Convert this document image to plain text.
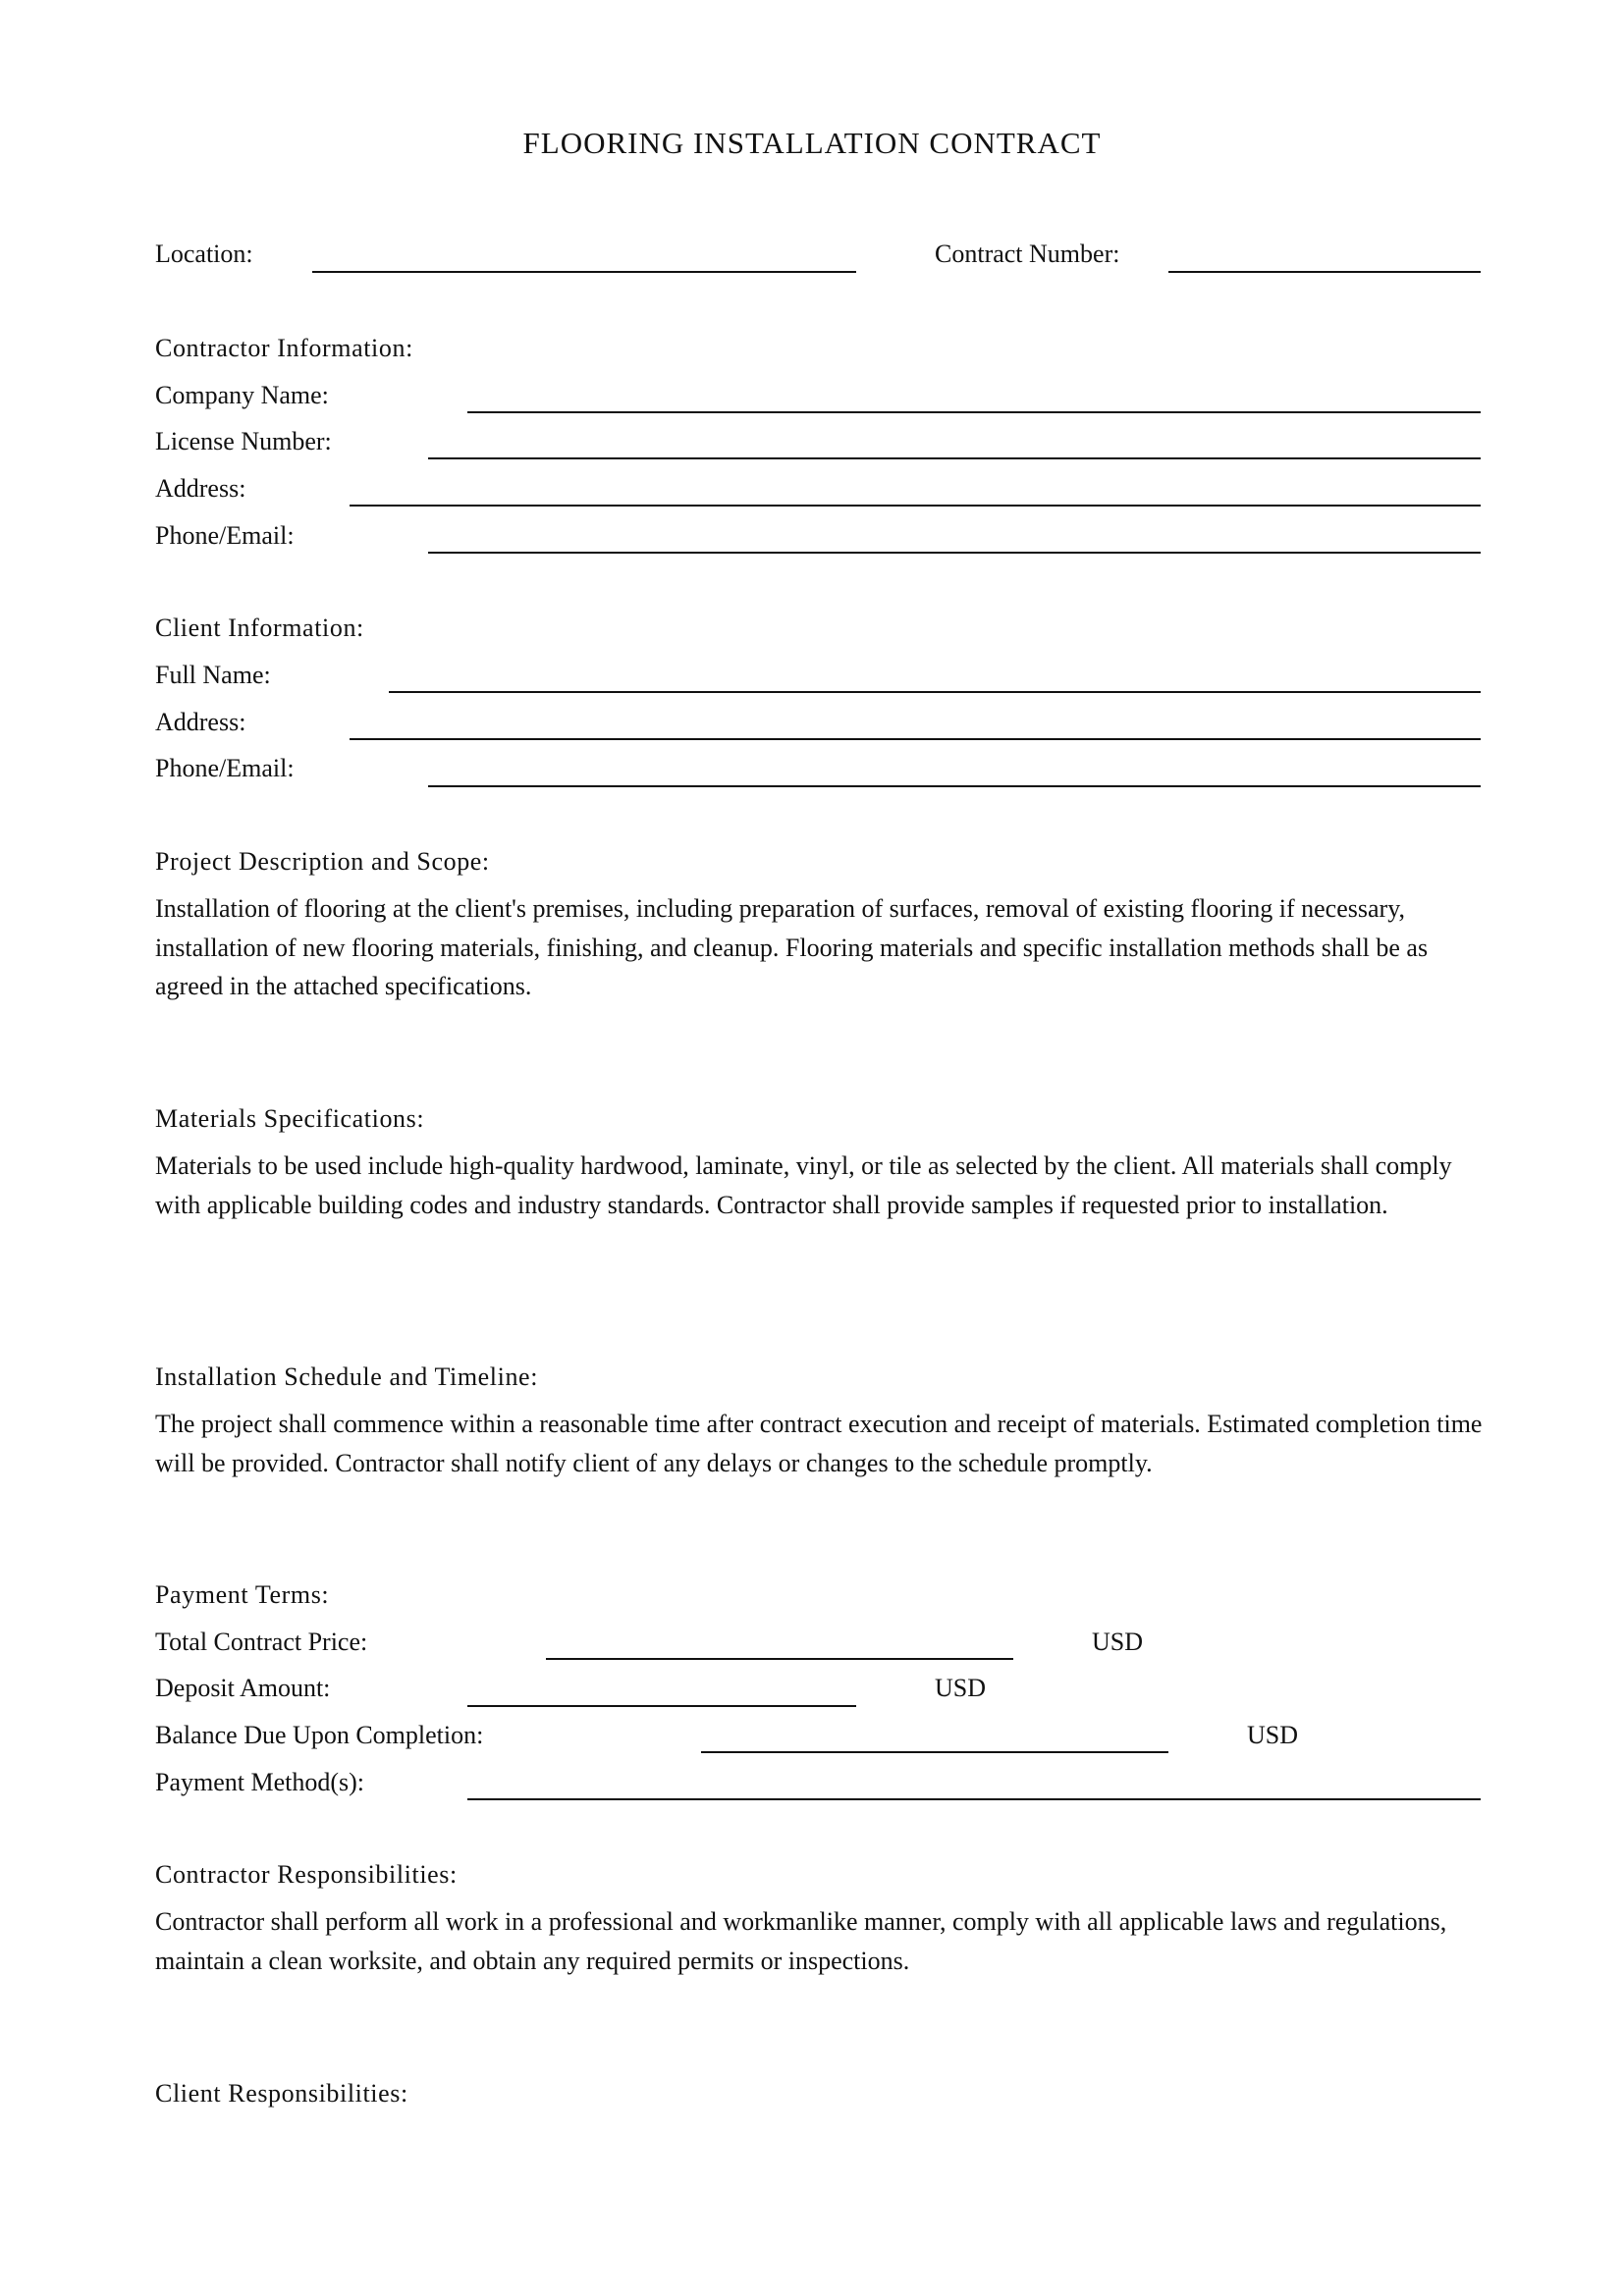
FLOORING INSTALLATION CONTRACT
Location:	Contract Number:
Contractor Information:
Company Name:
License Number:
Address:
Phone/Email:
Client Information:
Full Name:
Address:
Phone/Email:
Project Description and Scope:
Installation of flooring at the client's premises, including preparation of surfaces, removal of existing flooring if necessary, installation of new flooring materials, finishing, and cleanup. Flooring materials and specific installation methods shall be as agreed in the attached specifications.
Materials Specifications:
Materials to be used include high-quality hardwood, laminate, vinyl, or tile as selected by the client. All materials shall comply with applicable building codes and industry standards. Contractor shall provide samples if requested prior to installation.
Installation Schedule and Timeline:
The project shall commence within a reasonable time after contract execution and receipt of materials. Estimated completion time will be provided. Contractor shall notify client of any delays or changes to the schedule promptly.
Payment Terms:
Total Contract Price:	USD
Deposit Amount:	USD
Balance Due Upon Completion:	USD
Payment Method(s):
Contractor Responsibilities:
Contractor shall perform all work in a professional and workmanlike manner, comply with all applicable laws and regulations, maintain a clean worksite, and obtain any required permits or inspections.
Client Responsibilities:
